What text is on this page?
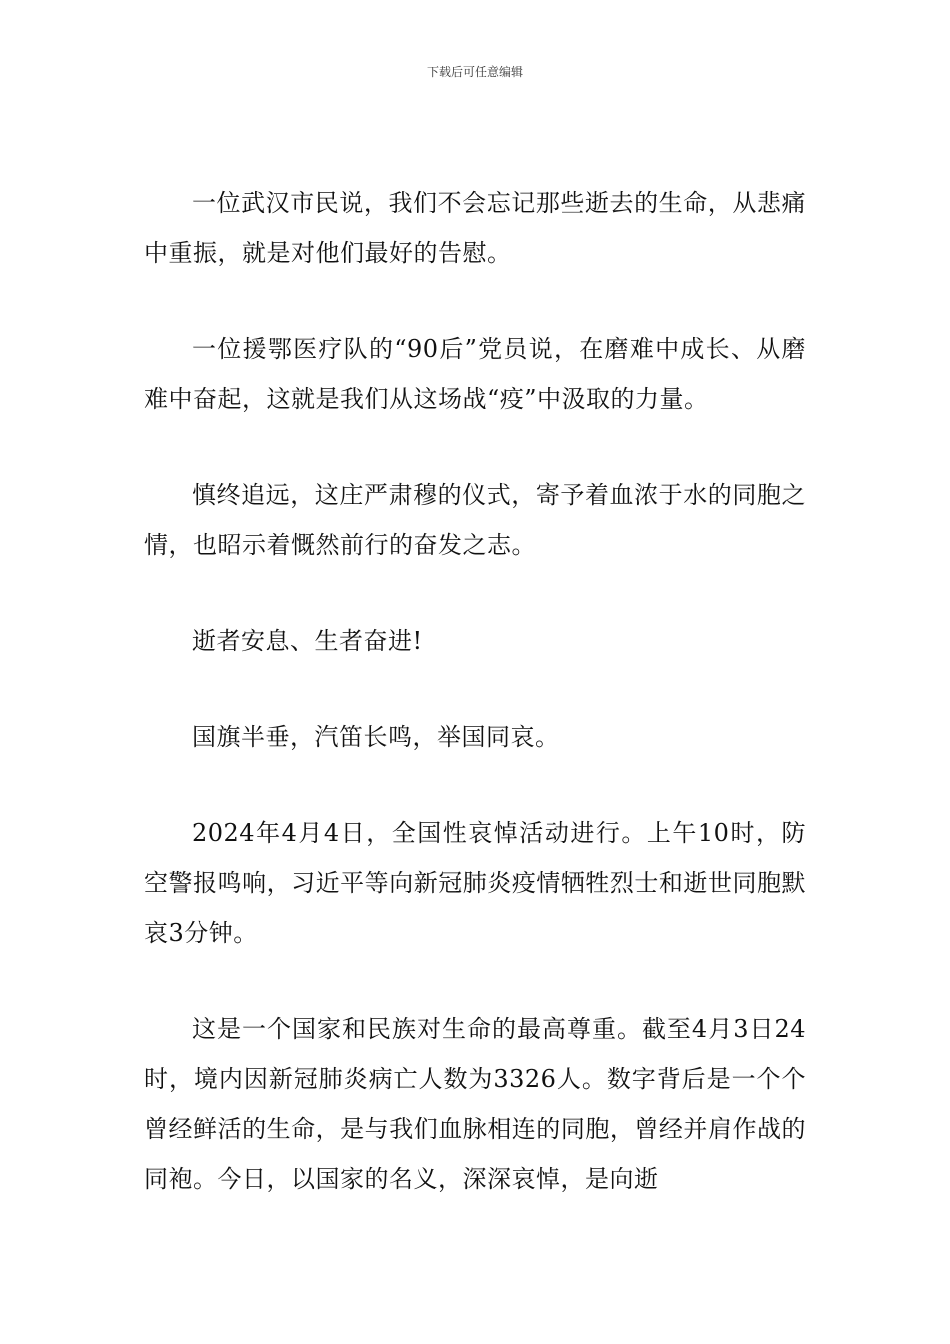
下载后可任意编辑

一位武汉市民说，我们不会忘记那些逝去的生命，从悲痛中重振，就是对他们最好的告慰。

一位援鄂医疗队的“90后”党员说，在磨难中成长、从磨难中奋起，这就是我们从这场战“疫”中汲取的力量。

慎终追远，这庄严肃穆的仪式，寄予着血浓于水的同胞之情，也昭示着慨然前行的奋发之志。

逝者安息、生者奋进!

国旗半垂，汽笛长鸣，举国同哀。

2024年4月4日，全国性哀悼活动进行。上午10时，防空警报鸣响，习近平等向新冠肺炎疫情牺牲烈士和逝世同胞默哀3分钟。

这是一个国家和民族对生命的最高尊重。截至4月3日24时，境内因新冠肺炎病亡人数为3326人。数字背后是一个个曾经鲜活的生命，是与我们血脉相连的同胞，曾经并肩作战的同袍。今日，以国家的名义，深深哀悼，是向逝
